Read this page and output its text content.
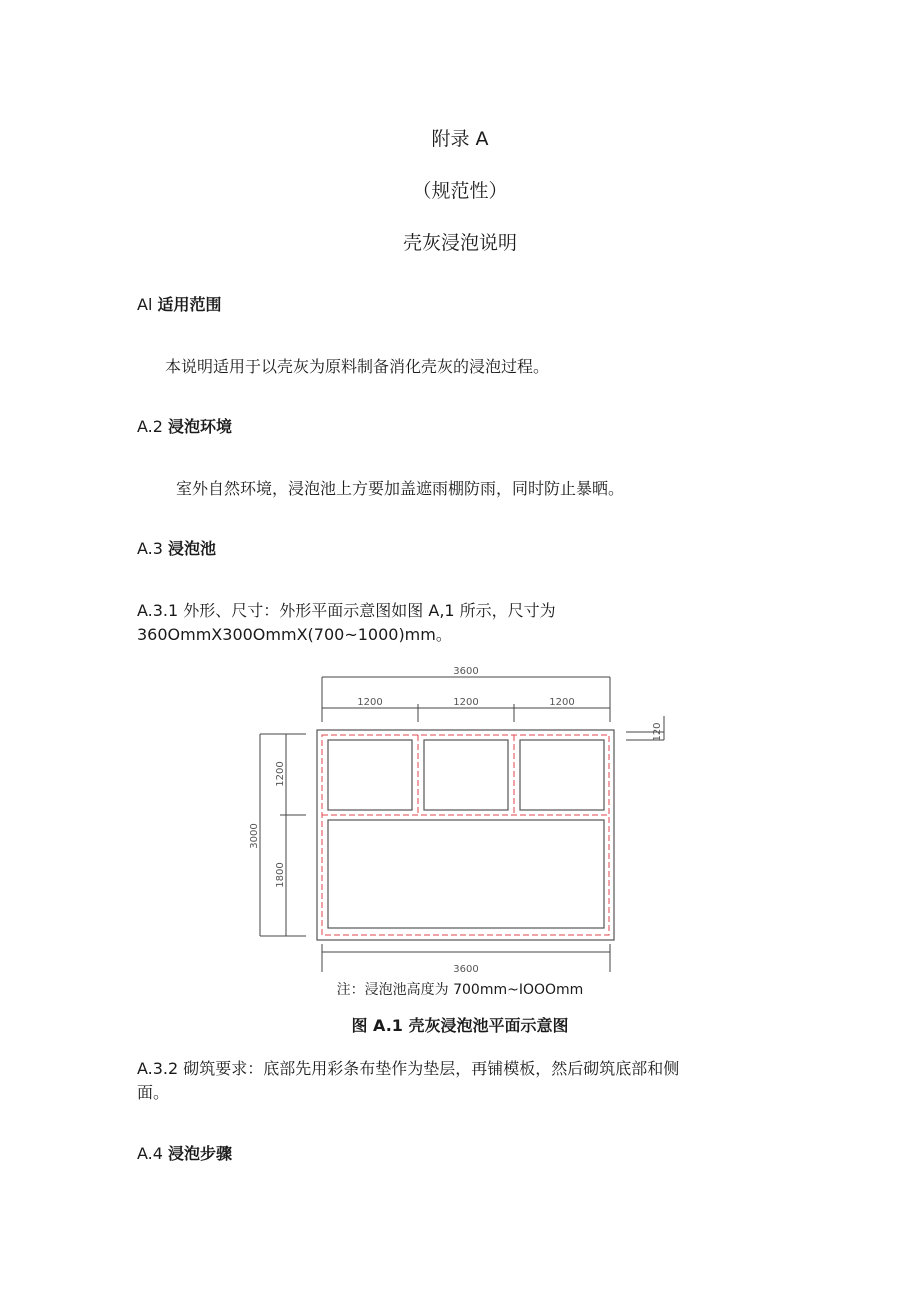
附录 A
（规范性）
壳灰浸泡说明
Al 适用范围
本说明适用于以壳灰为原料制备消化壳灰的浸泡过程。
A.2 浸泡环境
室外自然环境，浸泡池上方要加盖遮雨棚防雨，同时防止暴晒。
A.3 浸泡池
A.3.1 外形、尺寸：外形平面示意图如图 A,1 所示，尺寸为
360OmmX300OmmX(700~1000)mm。
3600
1200	1200	1200
120
3000
1200
1800
3600
注：浸泡池高度为 700mm~IOOOmm
图 A.1 壳灰浸泡池平面示意图
A.3.2 砌筑要求：底部先用彩条布垫作为垫层，再铺模板，然后砌筑底部和侧
面。
A.4 浸泡步骤
